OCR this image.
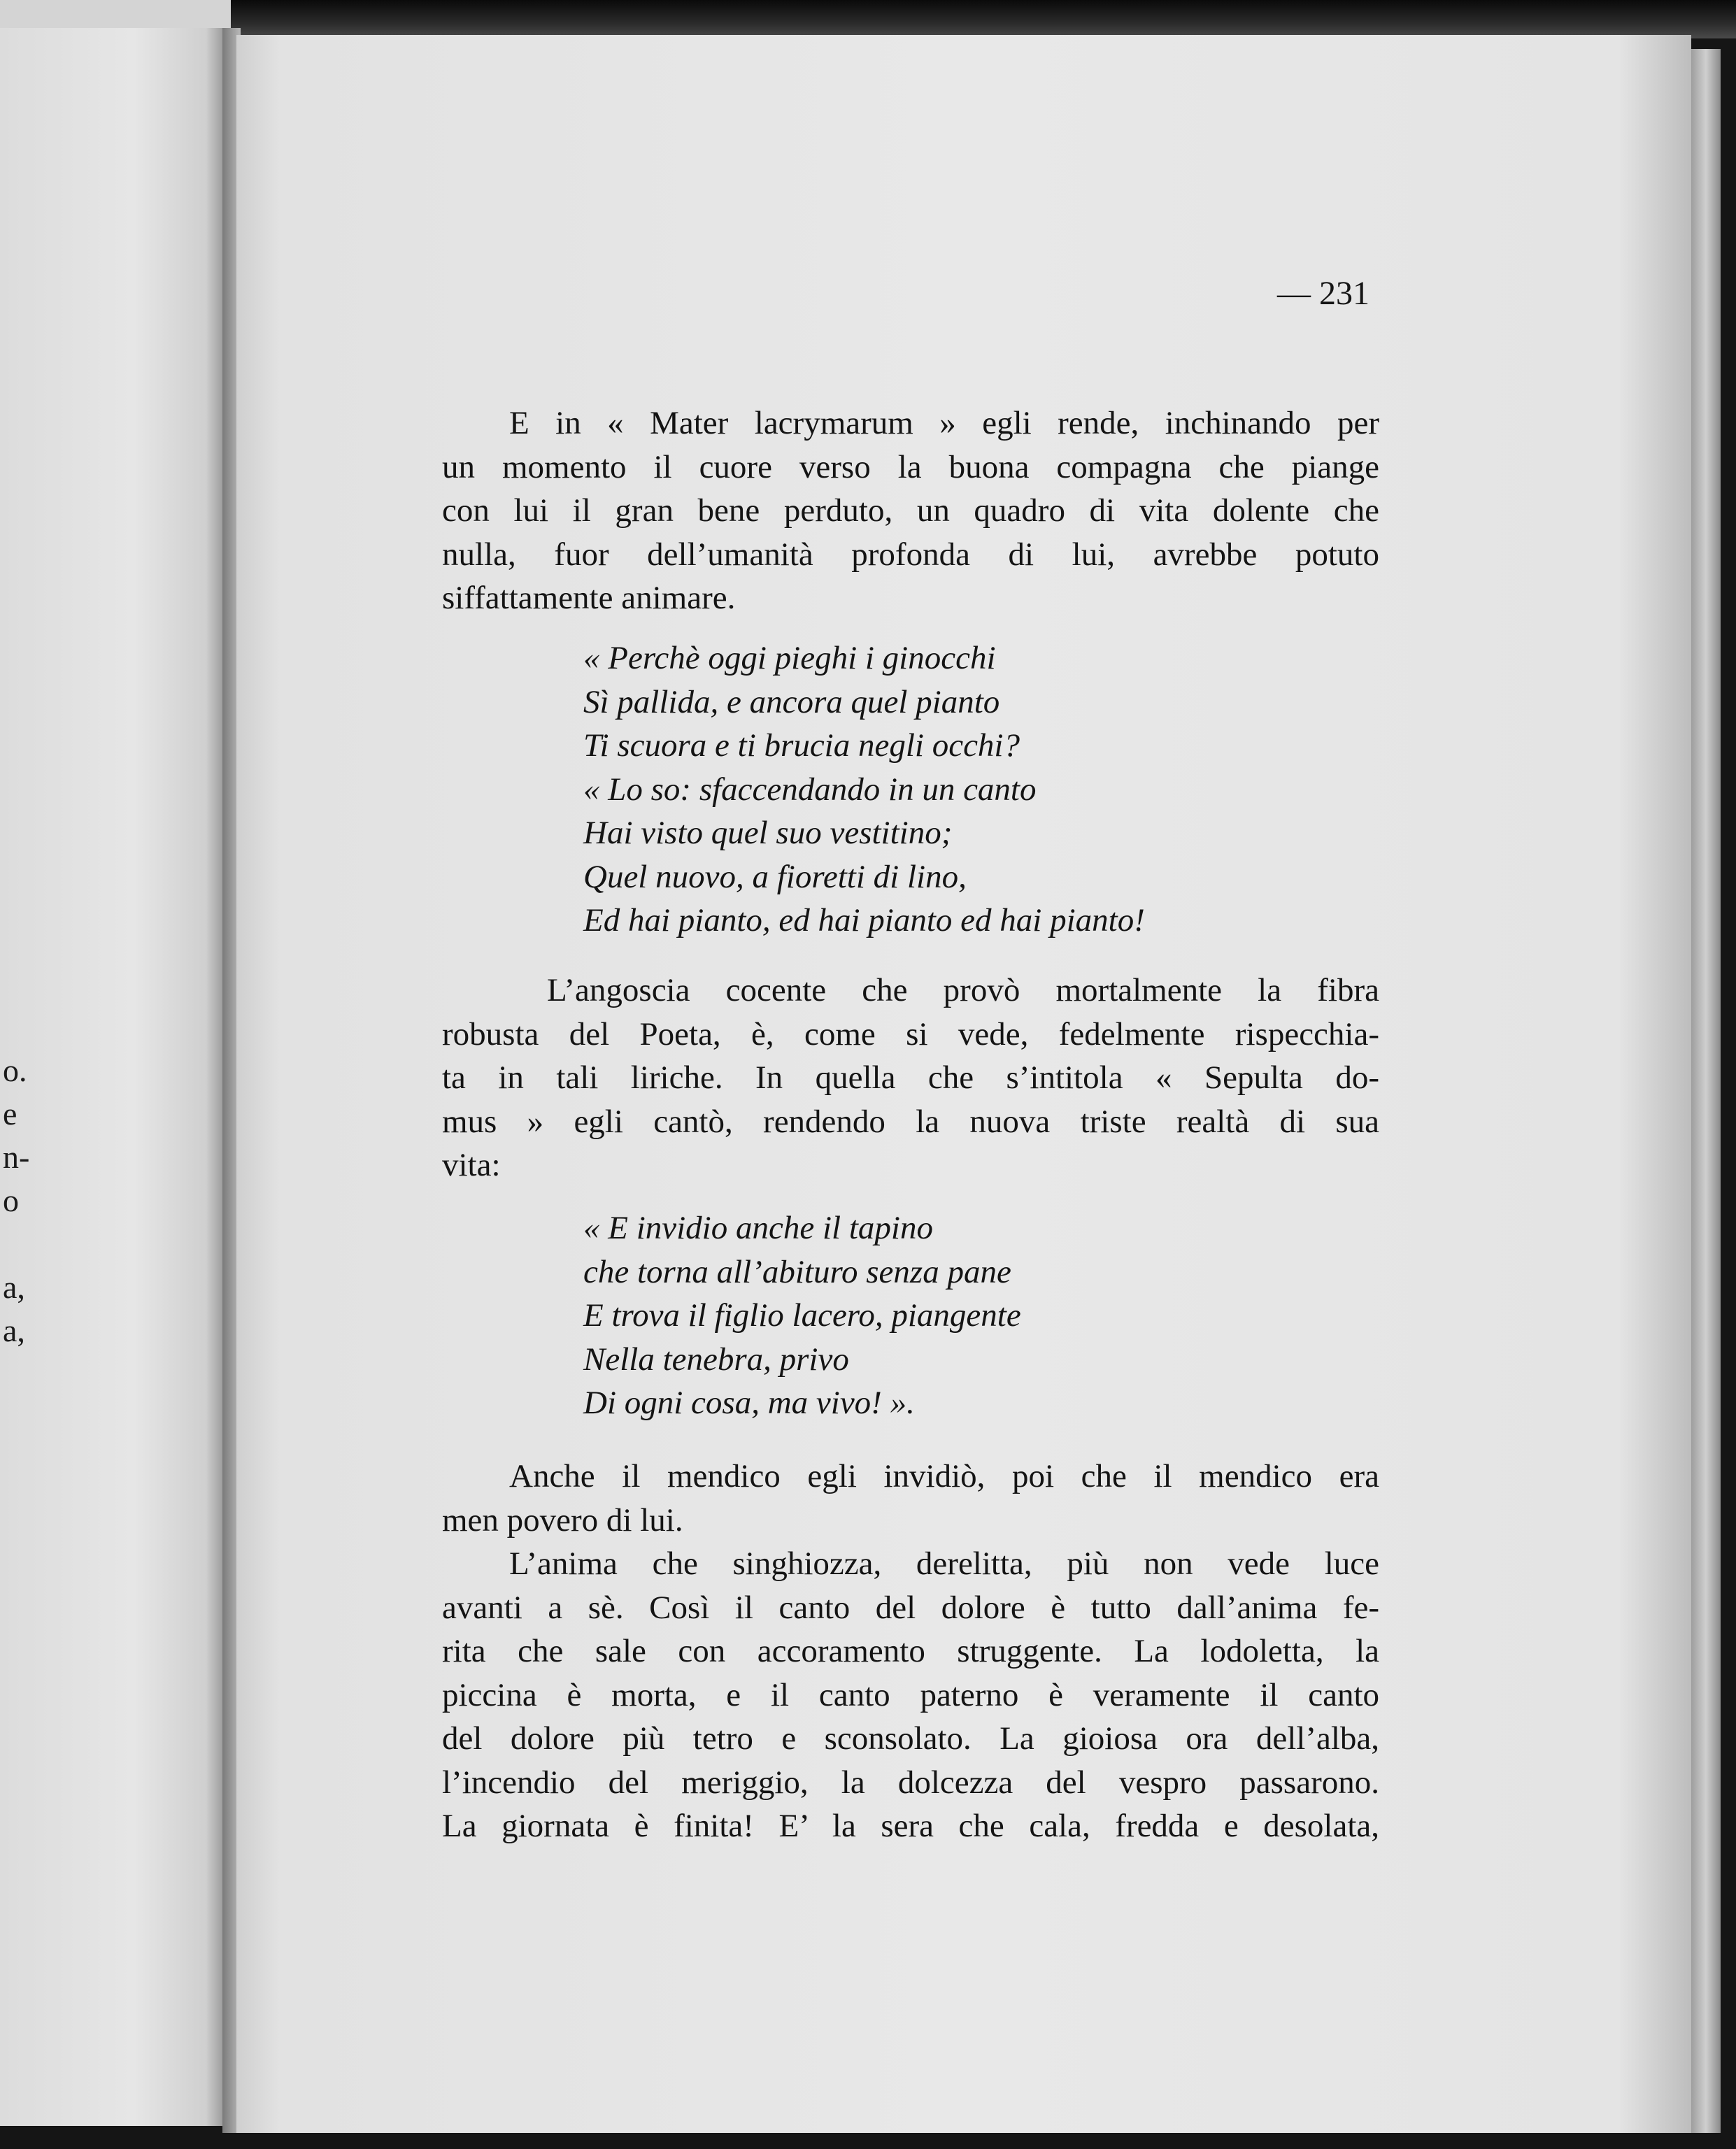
o.
e
n-
o
a,
a,
— 231
E in « Mater lacrymarum » egli rende, inchinando per
un momento il cuore verso la buona compagna che piange
con lui il gran bene perduto, un quadro di vita dolente che
nulla, fuor dell’umanità profonda di lui, avrebbe potuto
siffattamente animare.
« Perchè oggi pieghi i ginocchi
Sì pallida, e ancora quel pianto
Ti scuora e ti brucia negli occhi?
« Lo so: sfaccendando in un canto
Hai visto quel suo vestitino;
Quel nuovo, a fioretti di lino,
Ed hai pianto, ed hai pianto ed hai pianto!
L’angoscia cocente che provò mortalmente la fibra
robusta del Poeta, è, come si vede, fedelmente rispecchia-
ta in tali liriche. In quella che s’intitola « Sepulta do-
mus » egli cantò, rendendo la nuova triste realtà di sua
vita:
« E invidio anche il tapino
che torna all’abituro senza pane
E trova il figlio lacero, piangente
Nella tenebra, privo
Di ogni cosa, ma vivo! ».
Anche il mendico egli invidiò, poi che il mendico era
men povero di lui.
L’anima che singhiozza, derelitta, più non vede luce
avanti a sè. Così il canto del dolore è tutto dall’anima fe-
rita che sale con accoramento struggente. La lodoletta, la
piccina è morta, e il canto paterno è veramente il canto
del dolore più tetro e sconsolato. La gioiosa ora dell’alba,
l’incendio del meriggio, la dolcezza del vespro passarono.
La giornata è finita! E’ la sera che cala, fredda e desolata,
